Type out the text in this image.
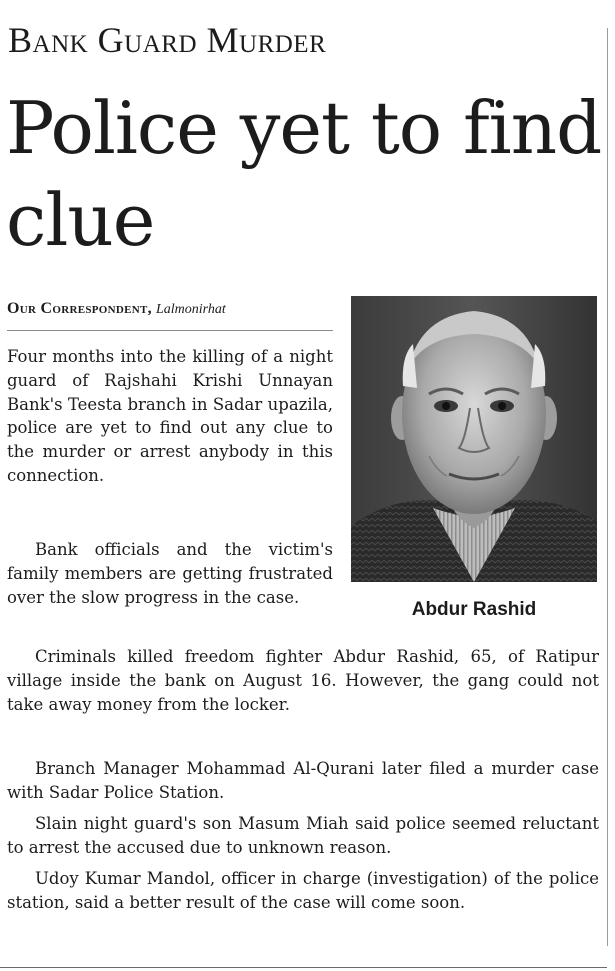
Bank Guard Murder
Police yet to find clue
Our Correspondent, Lalmonirhat

Four months into the killing of a night guard of Rajshahi Krishi Unnayan Bank's Teesta branch in Sadar upazila, police are yet to find out any clue to the murder or arrest anybody in this connection.

Bank officials and the victim's family members are getting frustrated over the slow progress in the case.

Criminals killed freedom fighter Abdur Rashid, 65, of Ratipur village inside the bank on August 16. However, the gang could not take away money from the locker.

Branch Manager Mohammad Al-Qurani later filed a murder case with Sadar Police Station.

Slain night guard's son Masum Miah said police seemed reluctant to arrest the accused due to unknown reason.

Udoy Kumar Mandol, officer in charge (investigation) of the police station, said a better result of the case will come soon.

Abdur Rashid
